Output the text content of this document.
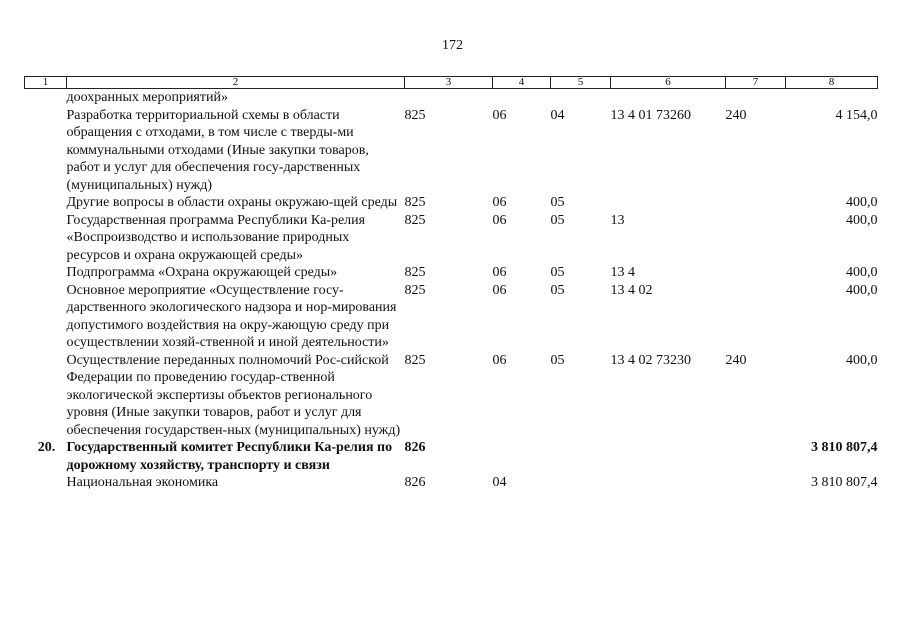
172
1	2	3	4	5	6	7	8
	доохранных мероприятий»						
	Разработка территориальной схемы в области обращения с отходами, в том числе с тверды-ми коммунальными отходами (Иные закупки товаров, работ и услуг для обеспечения госу-дарственных (муниципальных) нужд)	825	06	04	13 4 01 73260	240	4 154,0
	Другие вопросы в области охраны окружаю-щей среды	825	06	05			400,0
	Государственная программа Республики Ка-релия «Воспроизводство и использование природных ресурсов и охрана окружающей среды»	825	06	05	13		400,0
	Подпрограмма «Охрана окружающей среды»	825	06	05	13 4		400,0
	Основное мероприятие «Осуществление госу-дарственного экологического надзора и нор-мирования допустимого воздействия на окру-жающую среду при осуществлении хозяй-ственной и иной деятельности»	825	06	05	13 4 02		400,0
	Осуществление переданных полномочий Рос-сийской Федерации по проведению государ-ственной экологической экспертизы объектов регионального уровня (Иные закупки товаров, работ и услуг для обеспечения государствен-ных (муниципальных) нужд)	825	06	05	13 4 02 73230	240	400,0
20.	Государственный комитет Республики Ка-релия по дорожному хозяйству, транспорту и связи	826					3 810 807,4
	Национальная экономика	826	04				3 810 807,4
